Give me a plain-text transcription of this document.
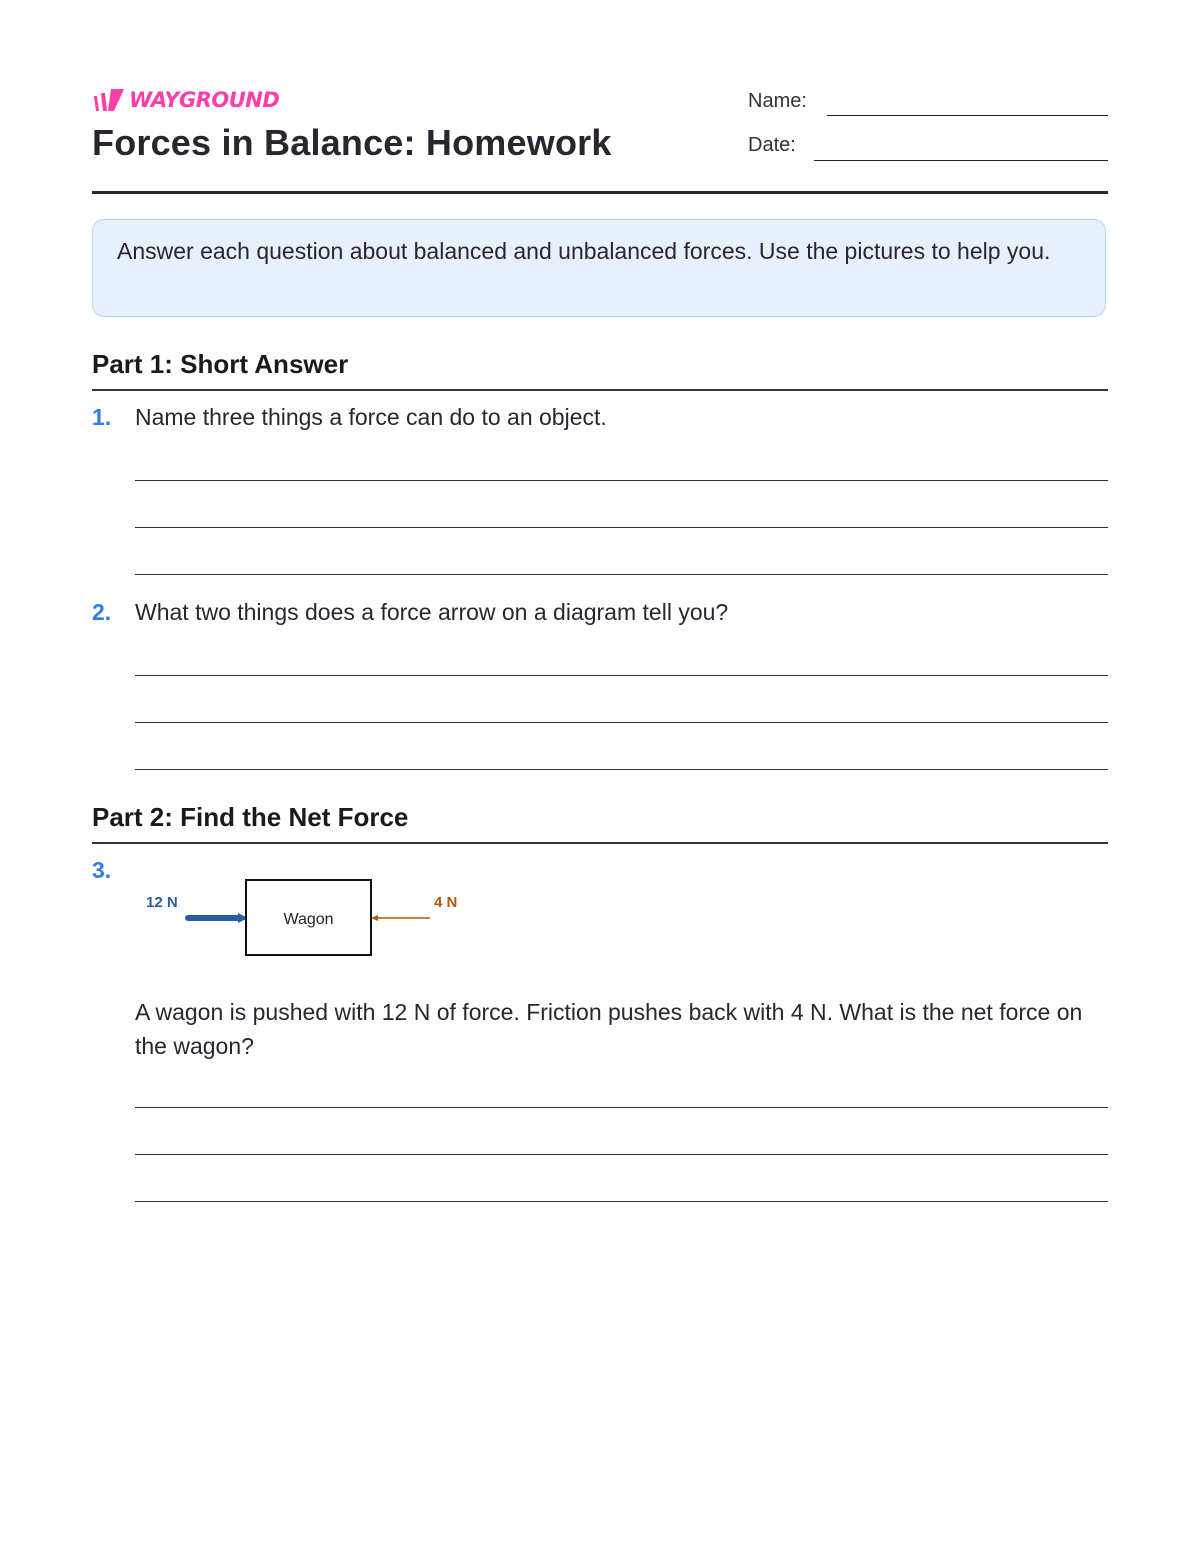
WAYGROUND
Forces in Balance: Homework
Name:
Date:
Answer each question about balanced and unbalanced forces. Use the pictures to help you.
Part 1: Short Answer
1. Name three things a force can do to an object.
2. What two things does a force arrow on a diagram tell you?
Part 2: Find the Net Force
3.
12 N
Wagon
4 N
A wagon is pushed with 12 N of force. Friction pushes back with 4 N. What is the net force on the wagon?
